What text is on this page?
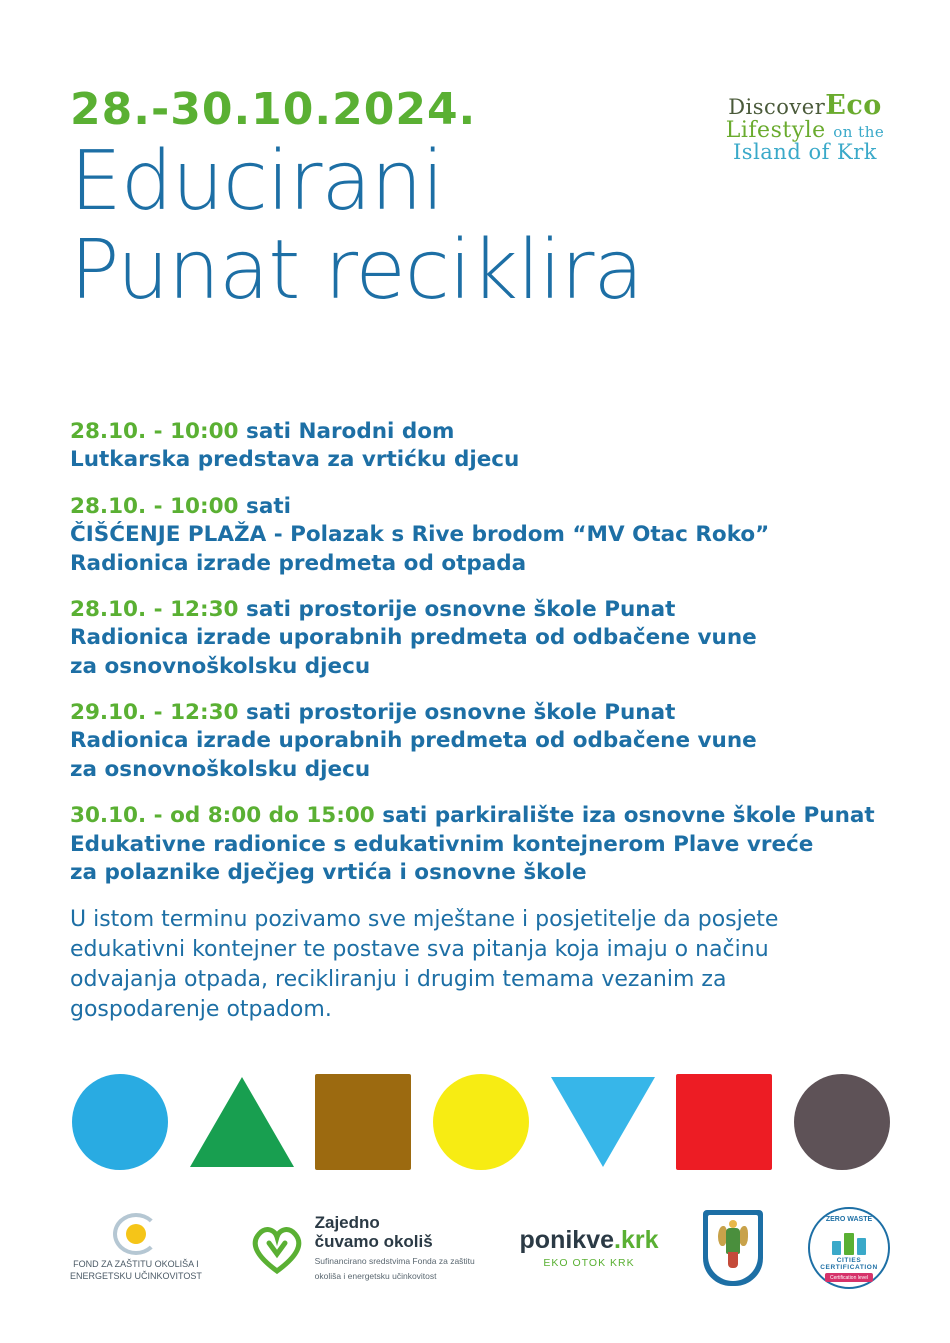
28.-30.10.2024.
Educirani
Punat reciklira
DiscoverEco
Lifestyle on the
Island of Krk

28.10. - 10:00 sati Narodni dom

Lutkarska predstava za vrtićku djecu

28.10. - 10:00 sati

ČIŠĆENJE PLAŽA - Polazak s Rive brodom “MV Otac Roko”

Radionica izrade predmeta od otpada

28.10. - 12:30 sati prostorije osnovne škole Punat

Radionica izrade uporabnih predmeta od odbačene vune

za osnovnoškolsku djecu

29.10. - 12:30 sati prostorije osnovne škole Punat

Radionica izrade uporabnih predmeta od odbačene vune

za osnovnoškolsku djecu

30.10. - od 8:00 do 15:00 sati parkiralište iza osnovne škole Punat

Edukativne radionice s edukativnim kontejnerom Plave vreće

za polaznike dječjeg vrtića i osnovne škole

U istom terminu pozivamo sve mještane i posjetitelje da posjete edukativni kontejner te postave sva pitanja koja imaju o načinu odvajanja otpada, recikliranju i drugim temama vezanim za gospodarenje otpadom.

FOND ZA ZAŠTITU OKOLIŠA I
ENERGETSKU UČINKOVITOST
Zajedno
čuvamo okoliš
Sufinancirano sredstvima Fonda za zaštitu
okoliša i energetsku učinkovitost
ponikve.krk
EKO OTOK KRK
ZERO WASTE
CITIES CERTIFICATION
Certification level
